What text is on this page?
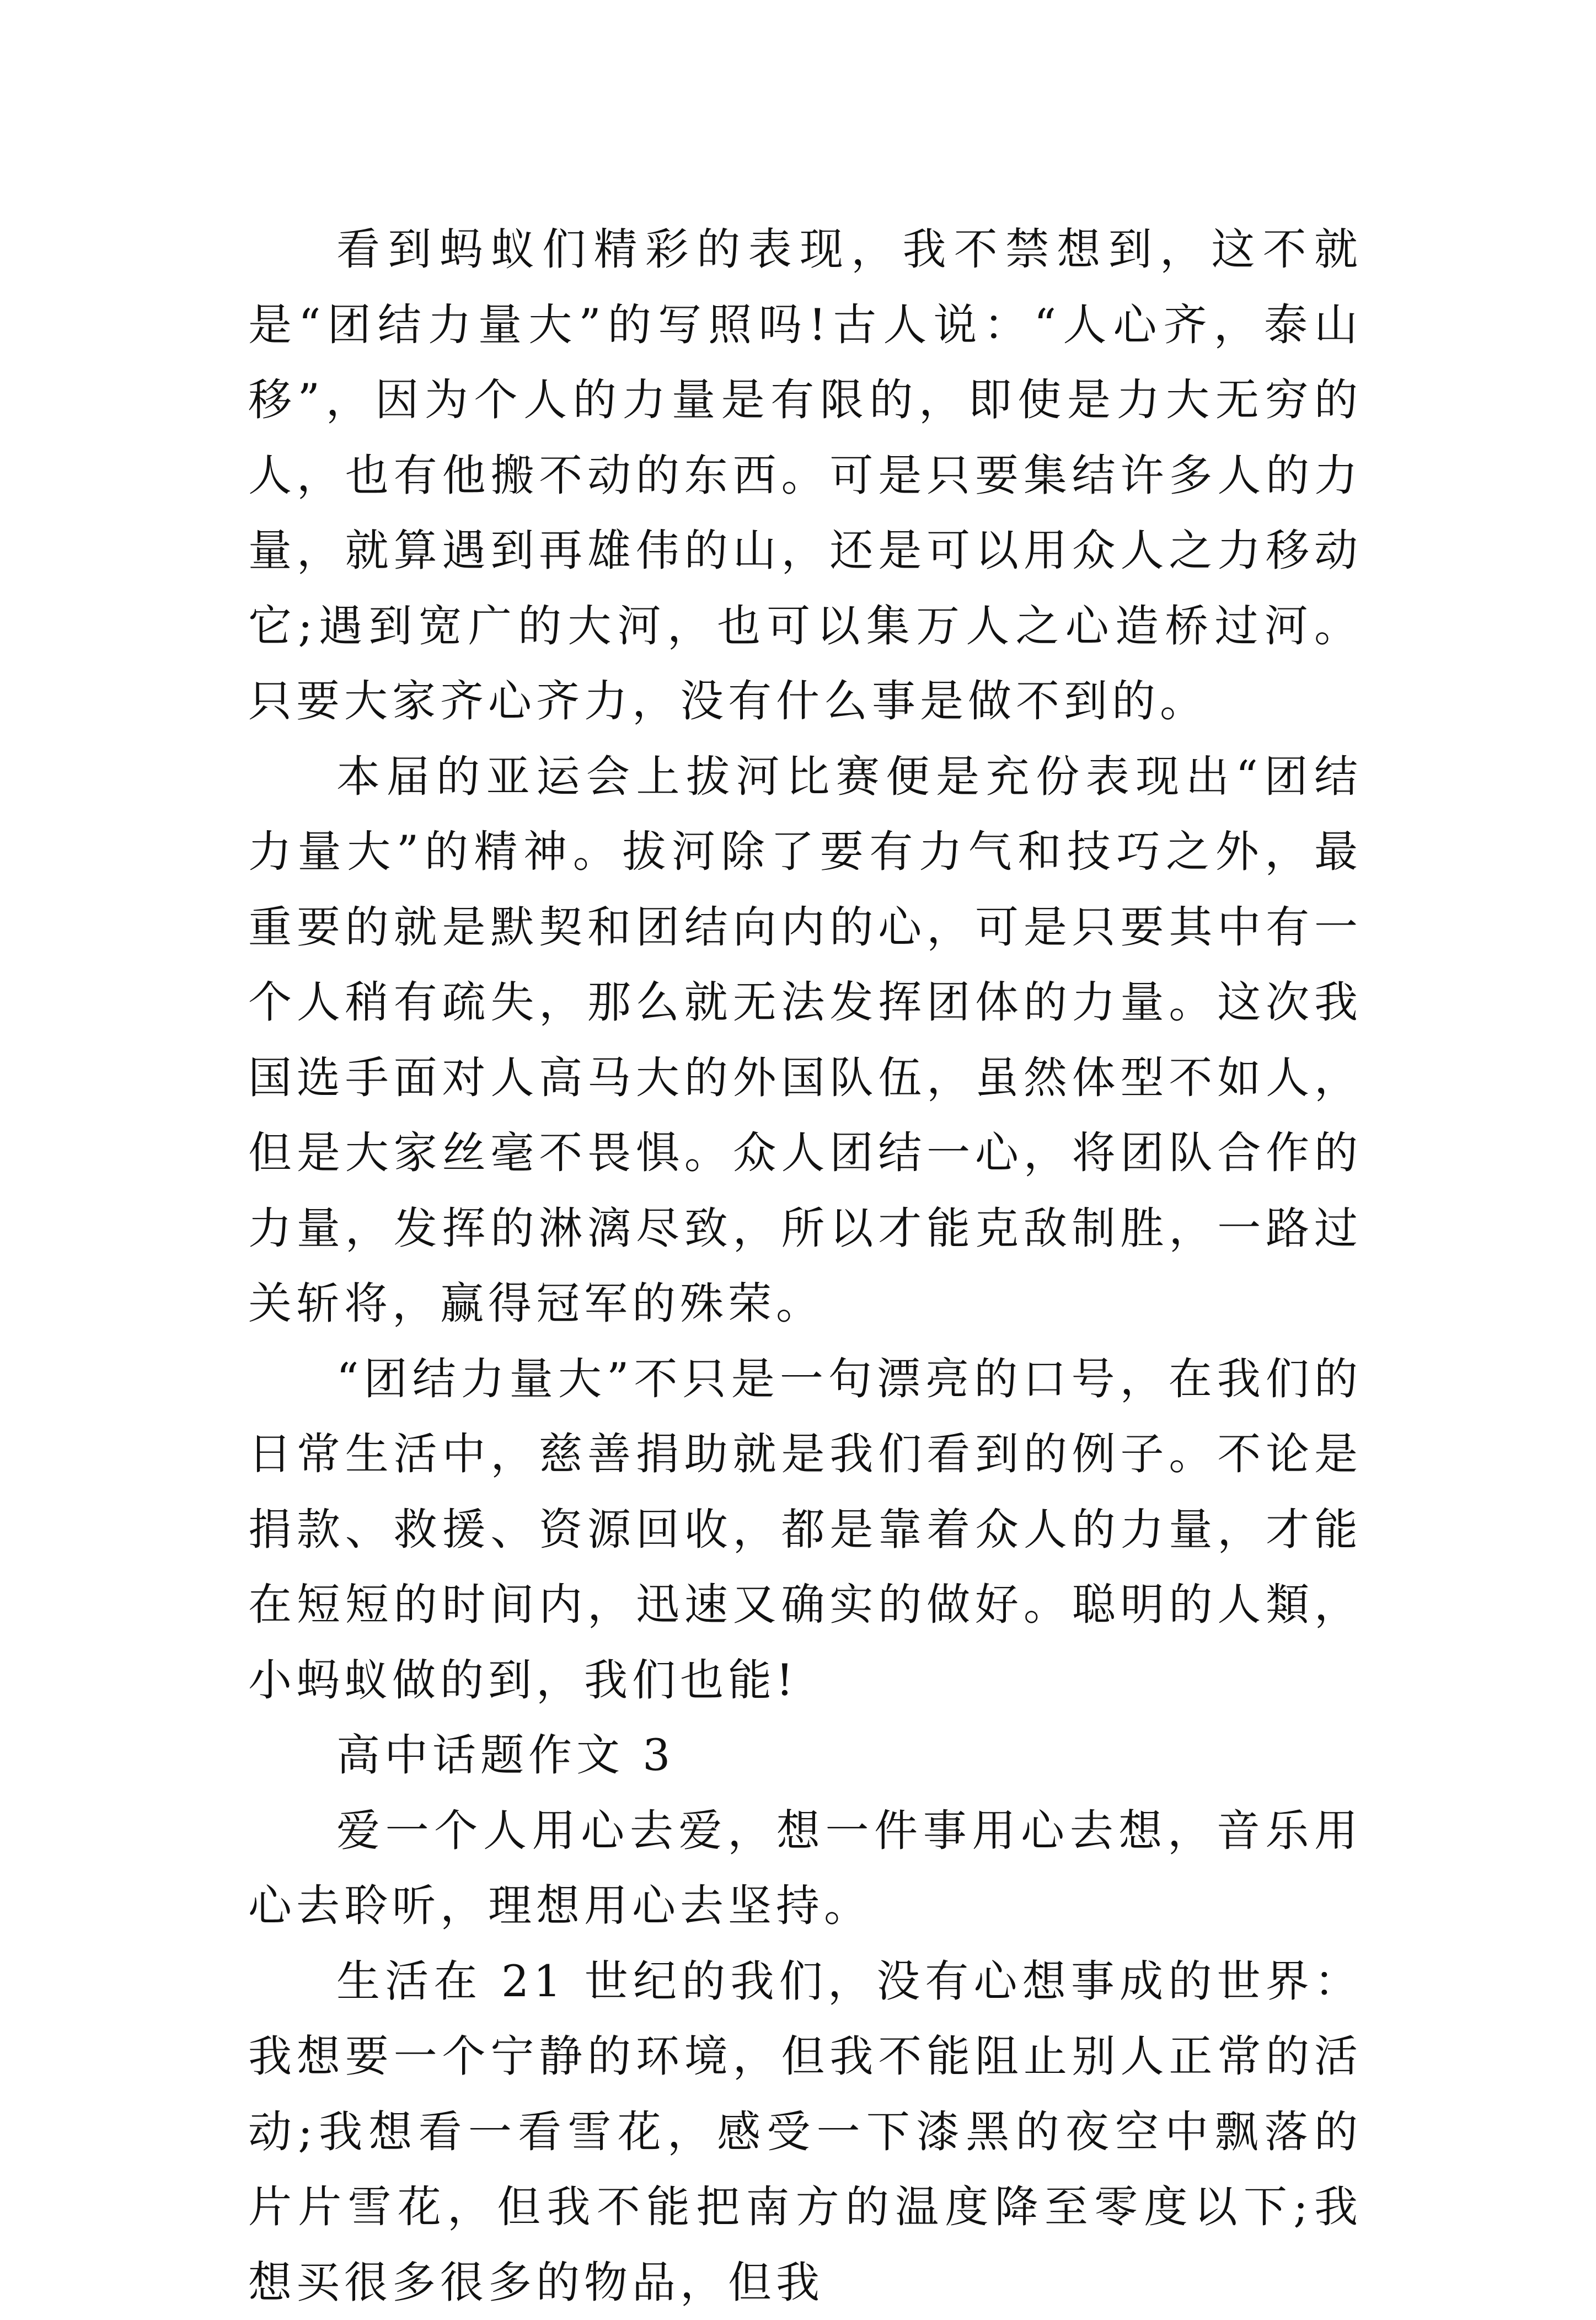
看到蚂蚁们精彩的表现，我不禁想到，这不就是“团结力量大”的写照吗!古人说：“人心齐，泰山移”，因为个人的力量是有限的，即使是力大无穷的人，也有他搬不动的东西。可是只要集结许多人的力量，就算遇到再雄伟的山，还是可以用众人之力移动它;遇到宽广的大河，也可以集万人之心造桥过河。只要大家齐心齐力，没有什么事是做不到的。

本届的亚运会上拔河比赛便是充份表现出“团结力量大”的精神。拔河除了要有力气和技巧之外，最重要的就是默契和团结向内的心，可是只要其中有一个人稍有疏失，那么就无法发挥团体的力量。这次我国选手面对人高马大的外国队伍，虽然体型不如人，但是大家丝毫不畏惧。众人团结一心，将团队合作的力量，发挥的淋漓尽致，所以才能克敌制胜，一路过关斩将，赢得冠军的殊荣。

“团结力量大”不只是一句漂亮的口号，在我们的日常生活中，慈善捐助就是我们看到的例子。不论是捐款、救援、资源回收，都是靠着众人的力量，才能在短短的时间内，迅速又确实的做好。聪明的人類，小蚂蚁做的到，我们也能!

高中话题作文 3

爱一个人用心去爱，想一件事用心去想，音乐用心去聆听，理想用心去坚持。

生活在 21 世纪的我们，没有心想事成的世界：我想要一个宁静的环境，但我不能阻止别人正常的活动;我想看一看雪花，感受一下漆黑的夜空中飘落的片片雪花，但我不能把南方的温度降至零度以下;我想买很多很多的物品，但我
